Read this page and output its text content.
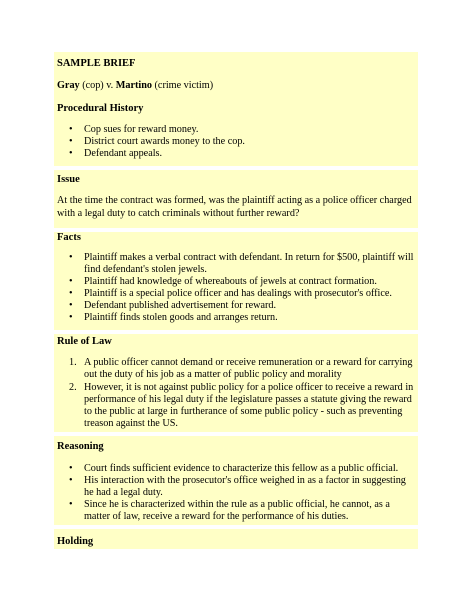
SAMPLE BRIEF
Gray (cop) v. Martino (crime victim)
Procedural History
• Cop sues for reward money.
• District court awards money to the cop.
• Defendant appeals.
Issue
At the time the contract was formed, was the plaintiff acting as a police officer charged with a legal duty to catch criminals without further reward?
Facts
• Plaintiff makes a verbal contract with defendant. In return for $500, plaintiff will find defendant's stolen jewels.
• Plaintiff had knowledge of whereabouts of jewels at contract formation.
• Plaintiff is a special police officer and has dealings with prosecutor's office.
• Defendant published advertisement for reward.
• Plaintiff finds stolen goods and arranges return.
Rule of Law
1. A public officer cannot demand or receive remuneration or a reward for carrying out the duty of his job as a matter of public policy and morality
2. However, it is not against public policy for a police officer to receive a reward in performance of his legal duty if the legislature passes a statute giving the reward to the public at large in furtherance of some public policy - such as preventing treason against the US.
Reasoning
• Court finds sufficient evidence to characterize this fellow as a public official.
• His interaction with the prosecutor's office weighed in as a factor in suggesting he had a legal duty.
• Since he is characterized within the rule as a public official, he cannot, as a matter of law, receive a reward for the performance of his duties.
Holding
